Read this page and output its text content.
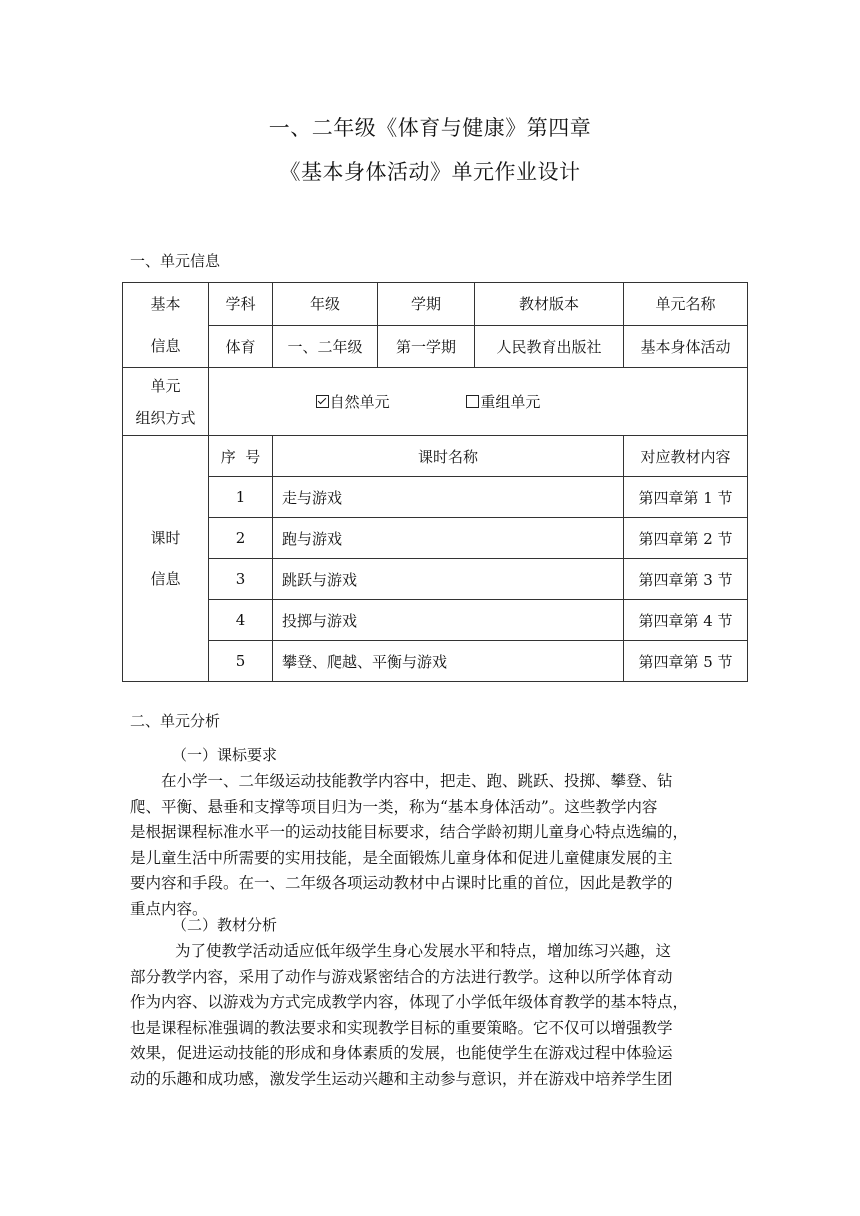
一、二年级《体育与健康》第四章
《基本身体活动》单元作业设计
一、单元信息
基本
信息	学科	年级	学期	教材版本	单元名称
	体育	一、二年级	第一学期	人民教育出版社	基本身体活动

单元
组织方式	自然单元 重组单元				

课时
信息	序  号	课时名称			对应教材内容
	1	走与游戏			第四章第 1 节
	2	跑与游戏			第四章第 2 节
	3	跳跃与游戏			第四章第 3 节
	4	投掷与游戏			第四章第 4 节
	5	攀登、爬越、平衡与游戏			第四章第 5 节
二、单元分析
（一）课标要求
在小学一、二年级运动技能教学内容中，把走、跑、跳跃、投掷、攀登、钻
爬、平衡、悬垂和支撑等项目归为一类，称为“基本身体活动”。这些教学内容
是根据课程标准水平一的运动技能目标要求，结合学龄初期儿童身心特点选编的，
是儿童生活中所需要的实用技能，是全面锻炼儿童身体和促进儿童健康发展的主
要内容和手段。在一、二年级各项运动教材中占课时比重的首位，因此是教学的
重点内容。
（二）教材分析
为了使教学活动适应低年级学生身心发展水平和特点，增加练习兴趣，这
部分教学内容，采用了动作与游戏紧密结合的方法进行教学。这种以所学体育动
作为内容、以游戏为方式完成教学内容，体现了小学低年级体育教学的基本特点，
也是课程标准强调的教法要求和实现教学目标的重要策略。它不仅可以增强教学
效果，促进运动技能的形成和身体素质的发展，也能使学生在游戏过程中体验运
动的乐趣和成功感，激发学生运动兴趣和主动参与意识，并在游戏中培养学生团
